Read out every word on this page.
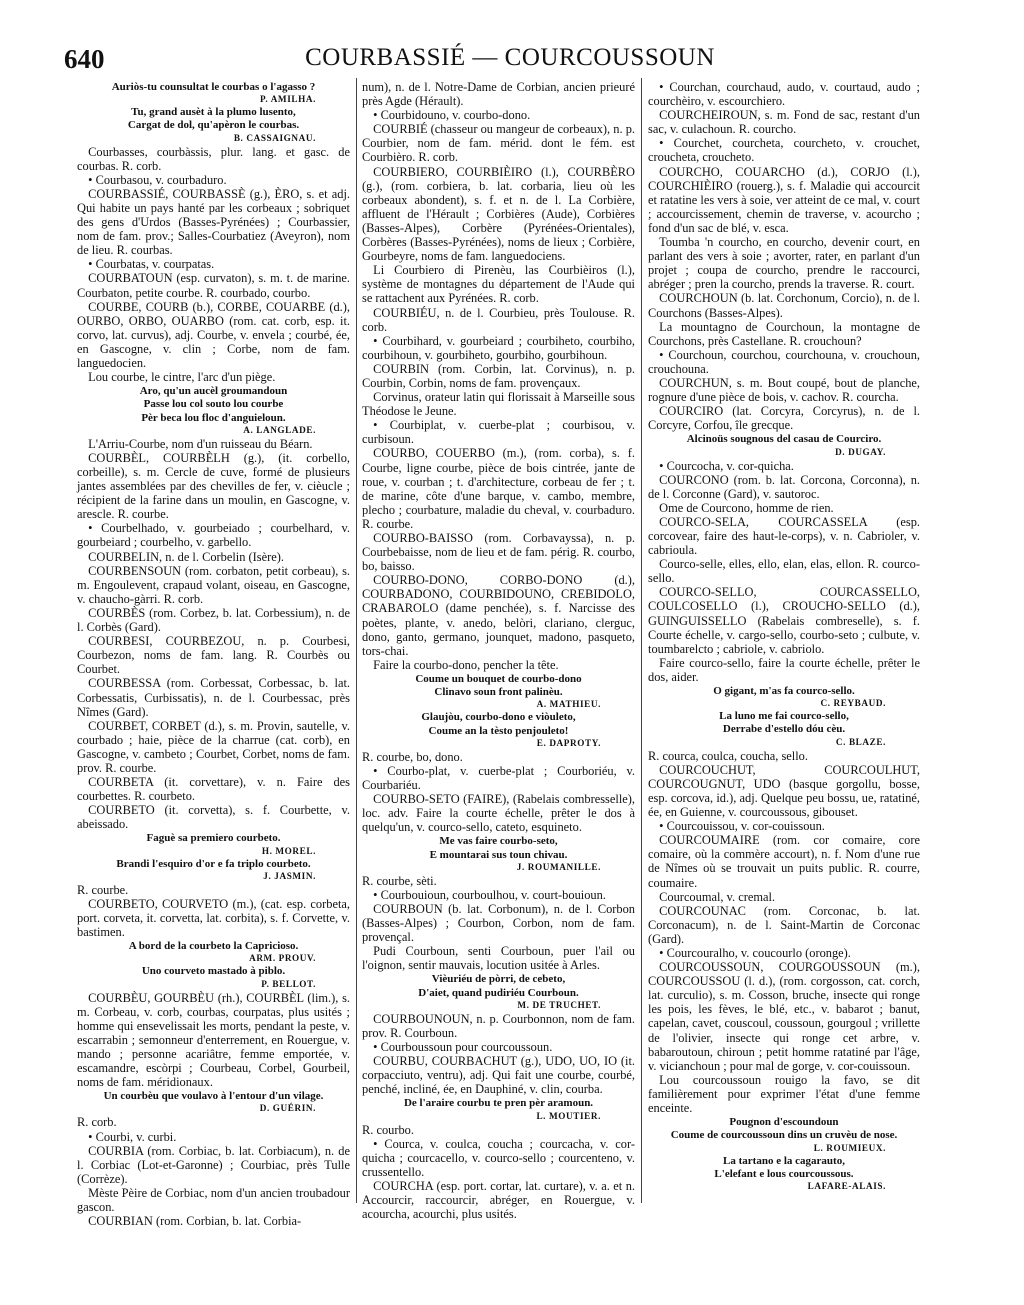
640	COURBASSIÉ — COURCOUSSOUN
Auriòs-tu counsultat le courbas o l'agasso ?
P. AMILHA.
Tu, grand ausèt à la plumo lusento,
Cargat de dol, qu'apèron le courbas.
B. CASSAIGNAU.

Courbasses, courbàssis, plur. lang. et gasc. de courbas. R. corb.

• Courbasou, v. courbaduro.

COURBASSIÉ, COURBASSÈ (g.), ÈRO, s. et adj. Qui habite un pays hanté par les corbeaux ; sobriquet des gens d'Urdos (Basses-Pyrénées) ; Courbassier, nom de fam. prov.; Salles-Courbatiez (Aveyron), nom de lieu. R. courbas.

• Courbatas, v. courpatas.

COURBATOUN (esp. curvaton), s. m. t. de marine. Courbaton, petite courbe. R. courbado, courbo.

COURBE, COURB (b.), CORBE, COUARBE (d.), OURBO, ORBO, OUARBO (rom. cat. corb, esp. it. corvo, lat. curvus), adj. Courbe, v. envela ; courbé, ée, en Gascogne, v. clin ; Corbe, nom de fam. languedocien.

Lou courbe, le cintre, l'arc d'un piège.

Aro, qu'un aucèl groumandoun
Passe lou col souto lou courbe
Pèr beca lou floc d'anguieloun.
A. LANGLADE.

L'Arriu-Courbe, nom d'un ruisseau du Béarn.

COURBÈL, COURBÈLH (g.), (it. corbello, corbeille), s. m. Cercle de cuve, formé de plusieurs jantes assemblées par des chevilles de fer, v. cièucle ; récipient de la farine dans un moulin, en Gascogne, v. arescle. R. courbe.

• Courbelhado, v. gourbeiado ; courbelhard, v. gourbeiard ; courbelho, v. garbello.

COURBELIN, n. de l. Corbelin (Isère).

COURBENSOUN (rom. corbaton, petit corbeau), s. m. Engoulevent, crapaud volant, oiseau, en Gascogne, v. chaucho-gàrri. R. corb.

COURBÈS (rom. Corbez, b. lat. Corbessium), n. de l. Corbès (Gard).

COURBESI, COURBEZOU, n. p. Courbesi, Courbezon, noms de fam. lang. R. Courbès ou Courbet.

COURBESSA (rom. Corbessat, Corbessac, b. lat. Corbessatis, Curbissatis), n. de l. Courbessac, près Nîmes (Gard).

COURBET, CORBET (d.), s. m. Provin, sautelle, v. courbado ; haie, pièce de la charrue (cat. corb), en Gascogne, v. cambeto ; Courbet, Corbet, noms de fam. prov. R. courbe.

COURBETA (it. corvettare), v. n. Faire des courbettes. R. courbeto.

COURBETO (it. corvetta), s. f. Courbette, v. abeissado.

Faguè sa premiero courbeto.
H. MOREL.
Brandi l'esquiro d'or e fa triplo courbeto.
J. JASMIN.

R. courbe.

COURBETO, COURVETO (m.), (cat. esp. corbeta, port. corveta, it. corvetta, lat. corbita), s. f. Corvette, v. bastimen.

A bord de la courbeto la Capricioso.
ARM. PROUV.
Uno courveto mastado à piblo.
P. BELLOT.

COURBÈU, GOURBÈU (rh.), COURBÈL (lim.), s. m. Corbeau, v. corb, courbas, courpatas, plus usités ; homme qui ensevelissait les morts, pendant la peste, v. escarrabin ; semonneur d'enterrement, en Rouergue, v. mando ; personne acariâtre, femme emportée, v. escamandre, escòrpi ; Courbeau, Corbel, Gourbeil, noms de fam. méridionaux.

Un courbèu que voulavo à l'entour d'un vilage.
D. GUÉRIN.

R. corb.

• Courbi, v. curbi.

COURBIA (rom. Corbiac, b. lat. Corbiacum), n. de l. Corbiac (Lot-et-Garonne) ; Courbiac, près Tulle (Corrèze).

Mèste Pèire de Corbiac, nom d'un ancien troubadour gascon.

COURBIAN (rom. Corbian, b. lat. Corbia-

num), n. de l. Notre-Dame de Corbian, ancien prieuré près Agde (Hérault).

• Courbidouno, v. courbo-dono.

COURBIÉ (chasseur ou mangeur de corbeaux), n. p. Courbier, nom de fam. mérid. dont le fém. est Courbièro. R. corb.

COURBIERO, COURBIÈIRO (l.), COURBÈRO (g.), (rom. corbiera, b. lat. corbaria, lieu où les corbeaux abondent), s. f. et n. de l. La Corbière, affluent de l'Hérault ; Corbières (Aude), Corbières (Basses-Alpes), Corbère (Pyrénées-Orientales), Corbères (Basses-Pyrénées), noms de lieux ; Corbière, Gourbeyre, noms de fam. languedociens.

Li Courbiero di Pirenèu, las Courbièiros (l.), système de montagnes du département de l'Aude qui se rattachent aux Pyrénées. R. corb.

COURBIÉU, n. de l. Courbieu, près Toulouse. R. corb.

• Courbihard, v. gourbeiard ; courbiheto, courbiho, courbihoun, v. gourbiheto, gourbiho, gourbihoun.

COURBIN (rom. Corbin, lat. Corvinus), n. p. Courbin, Corbin, noms de fam. provençaux.

Corvinus, orateur latin qui florissait à Marseille sous Théodose le Jeune.

• Courbiplat, v. cuerbe-plat ; courbisou, v. curbisoun.

COURBO, COUERBO (m.), (rom. corba), s. f. Courbe, ligne courbe, pièce de bois cintrée, jante de roue, v. courban ; t. d'architecture, corbeau de fer ; t. de marine, côte d'une barque, v. cambo, membre, plecho ; courbature, maladie du cheval, v. courbaduro. R. courbe.

COURBO-BAISSO (rom. Corbavayssa), n. p. Courbebaisse, nom de lieu et de fam. périg. R. courbo, bo, baisso.

COURBO-DONO, CORBO-DONO (d.), COURBADONO, COURBIDOUNO, CREBIDOLO, CRABAROLO (dame penchée), s. f. Narcisse des poètes, plante, v. anedo, belòri, clariano, clerguc, dono, ganto, germano, jounquet, madono, pasqueto, tors-chai.

Faire la courbo-dono, pencher la tête.

Coume un bouquet de courbo-dono
Clinavo soun front palinèu.
A. MATHIEU.
Glaujòu, courbo-dono e viòuleto,
Coume an la tèsto penjouleto!
E. DAPROTY.

R. courbe, bo, dono.

• Courbo-plat, v. cuerbe-plat ; Courboriéu, v. Courbariéu.

COURBO-SETO (FAIRE), (Rabelais combresselle), loc. adv. Faire la courte échelle, prêter le dos à quelqu'un, v. courco-sello, cateto, esquineto.

Me vas faire courbo-seto,
E mountarai sus toun chivau.
J. ROUMANILLE.

R. courbe, sèti.

• Courbouioun, courboulhou, v. court-bouioun.

COURBOUN (b. lat. Corbonum), n. de l. Corbon (Basses-Alpes) ; Courbon, Corbon, nom de fam. provençal.

Pudi Courboun, senti Courboun, puer l'ail ou l'oignon, sentir mauvais, locution usitée à Arles.

Vièuriéu de pòrri, de cebeto,
D'aiet, quand pudiriéu Courboun.
M. DE TRUCHET.

COURBOUNOUN, n. p. Courbonnon, nom de fam. prov. R. Courboun.

• Courboussoun pour courcoussoun.

COURBU, COURBACHUT (g.), UDO, UO, IO (it. corpacciuto, ventru), adj. Qui fait une courbe, courbé, penché, incliné, ée, en Dauphiné, v. clin, courba.

De l'araire courbu te pren pèr aramoun.
L. MOUTIER.

R. courbo.

• Courca, v. coulca, coucha ; courcacha, v. cor-quicha ; courcacello, v. courco-sello ; courcenteno, v. crussentello.

COURCHA (esp. port. cortar, lat. curtare), v. a. et n. Accourcir, raccourcir, abréger, en Rouergue, v. acourcha, acourchi, plus usités.

• Courchan, courchaud, audo, v. courtaud, audo ; courchèiro, v. escourchiero.

COURCHEIROUN, s. m. Fond de sac, restant d'un sac, v. culachoun. R. courcho.

• Courchet, courcheta, courcheto, v. crouchet, croucheta, croucheto.

COURCHO, COUARCHO (d.), CORJO (l.), COURCHIÈIRO (rouerg.), s. f. Maladie qui accourcit et ratatine les vers à soie, ver atteint de ce mal, v. court ; accourcissement, chemin de traverse, v. acourcho ; fond d'un sac de blé, v. esca.

Toumba 'n courcho, en courcho, devenir court, en parlant des vers à soie ; avorter, rater, en parlant d'un projet ; coupa de courcho, prendre le raccourci, abréger ; pren la courcho, prends la traverse. R. court.

COURCHOUN (b. lat. Corchonum, Corcio), n. de l. Courchons (Basses-Alpes).

La mountagno de Courchoun, la montagne de Courchons, près Castellane. R. crouchoun?

• Courchoun, courchou, courchouna, v. crouchoun, crouchouna.

COURCHUN, s. m. Bout coupé, bout de planche, rognure d'une pièce de bois, v. cachov. R. courcha.

COURCIRO (lat. Corcyra, Corcyrus), n. de l. Corcyre, Corfou, île grecque.

Alcinoüs sougnous del casau de Courciro.
D. DUGAY.

• Courcocha, v. cor-quicha.

COURCONO (rom. b. lat. Corcona, Corconna), n. de l. Corconne (Gard), v. sautoroc.

Ome de Courcono, homme de rien.

COURCO-SELA, COURCASSELA (esp. corcovear, faire des haut-le-corps), v. n. Cabrioler, v. cabrioula.

Courco-selle, elles, ello, elan, elas, ellon. R. courco-sello.

COURCO-SELLO, COURCASSELLO, COULCOSELLO (l.), CROUCHO-SELLO (d.), GUINGUISSELLO (Rabelais combreselle), s. f. Courte échelle, v. cargo-sello, courbo-seto ; culbute, v. toumbarelcto ; cabriole, v. cabriolo.

Faire courco-sello, faire la courte échelle, prêter le dos, aider.

O gigant, m'as fa courco-sello.
C. REYBAUD.
La luno me fai courco-sello,
Derrabe d'estello dóu cèu.
C. BLAZE.

R. courca, coulca, coucha, sello.

COURCOUCHUT, COURCOULHUT, COURCOUGNUT, UDO (basque gorgollu, bosse, esp. corcova, id.), adj. Quelque peu bossu, ue, ratatiné, ée, en Guienne, v. courcoussous, gibouset.

• Courcouissou, v. cor-couissoun.

COURCOUMAIRE (rom. cor comaire, core comaire, où la commère accourt), n. f. Nom d'une rue de Nîmes où se trouvait un puits public. R. courre, coumaire.

Courcoumal, v. cremal.

COURCOUNAC (rom. Corconac, b. lat. Corconacum), n. de l. Saint-Martin de Corconac (Gard).

• Courcouralho, v. coucourlo (oronge).

COURCOUSSOUN, COURGOUSSOUN (m.), COURCOUSSOU (l. d.), (rom. corgosson, cat. corch, lat. curculio), s. m. Cosson, bruche, insecte qui ronge les pois, les fèves, le blé, etc., v. babarot ; banut, capelan, cavet, couscoul, coussoun, gourgoul ; vrillette de l'olivier, insecte qui ronge cet arbre, v. babaroutoun, chiroun ; petit homme ratatiné par l'âge, v. vicianchoun ; pour mal de gorge, v. cor-couissoun.

Lou courcoussoun rouigo la favo, se dit familièrement pour exprimer l'état d'une femme enceinte.

Pougnon d'escoundoun
Coume de courcoussoun dins un cruvèu de nose.
L. ROUMIEUX.
La tartano e la cagarauto,
L'elefant e lous courcoussous.
LAFARE-ALAIS.
